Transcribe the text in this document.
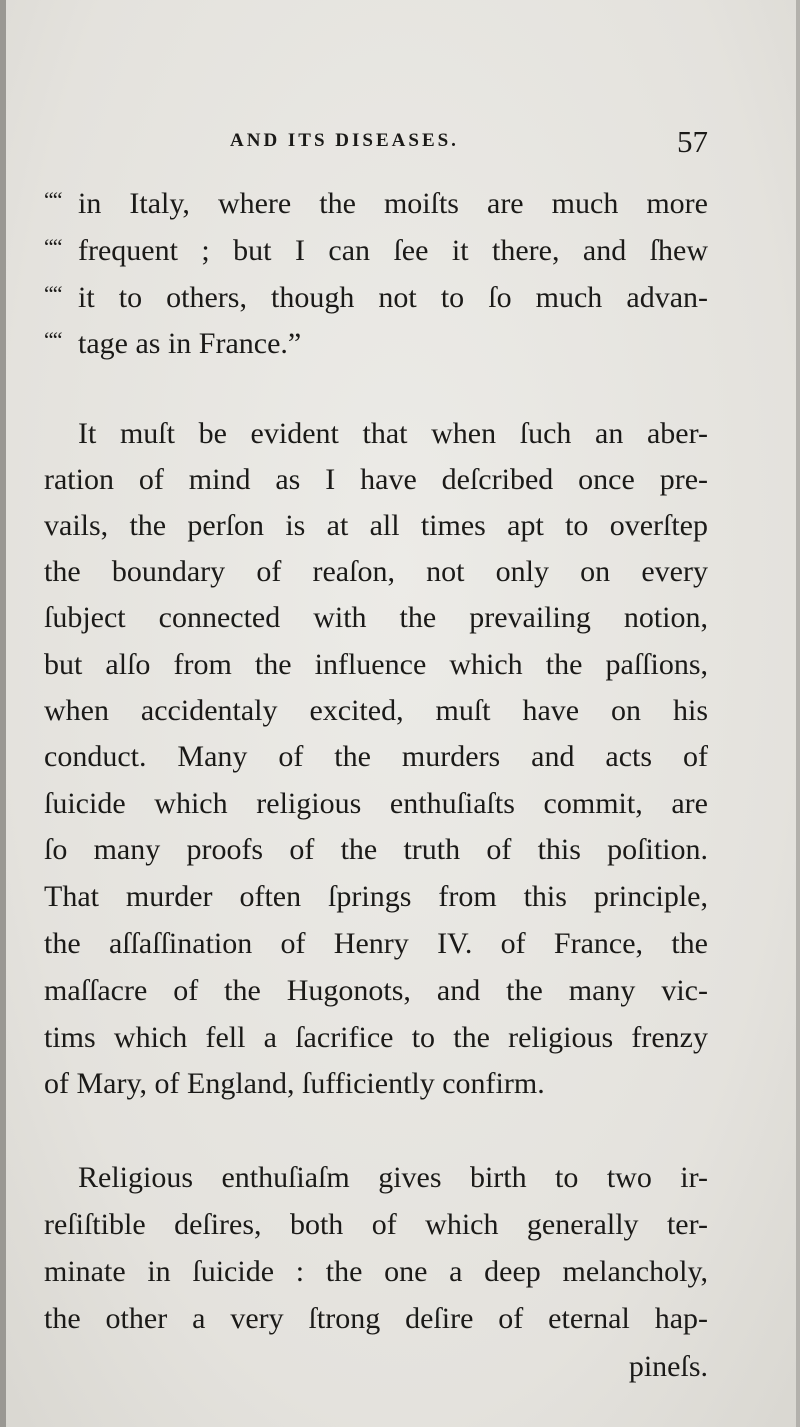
AND ITS DISEASES.	57
““ in Italy, where the moiſts are much more
““ frequent ; but I can ſee it there, and ſhew
““ it to others, though not to ſo much advan-
““ tage as in France.”
It muſt be evident that when ſuch an aber-
ration of mind as I have deſcribed once pre-
vails, the perſon is at all times apt to overſtep
the boundary of reaſon, not only on every
ſubject connected with the prevailing notion,
but alſo from the influence which the paſſions,
when accidentaly excited, muſt have on his
conduct. Many of the murders and acts of
ſuicide which religious enthuſiaſts commit, are
ſo many proofs of the truth of this poſition.
That murder often ſprings from this principle,
the aſſaſſination of Henry IV. of France, the
maſſacre of the Hugonots, and the many vic-
tims which fell a ſacrifice to the religious frenzy
of Mary, of England, ſufficiently confirm.
Religious enthuſiaſm gives birth to two ir-
reſiſtible deſires, both of which generally ter-
minate in ſuicide : the one a deep melancholy,
the other a very ſtrong deſire of eternal hap-
pineſs.
